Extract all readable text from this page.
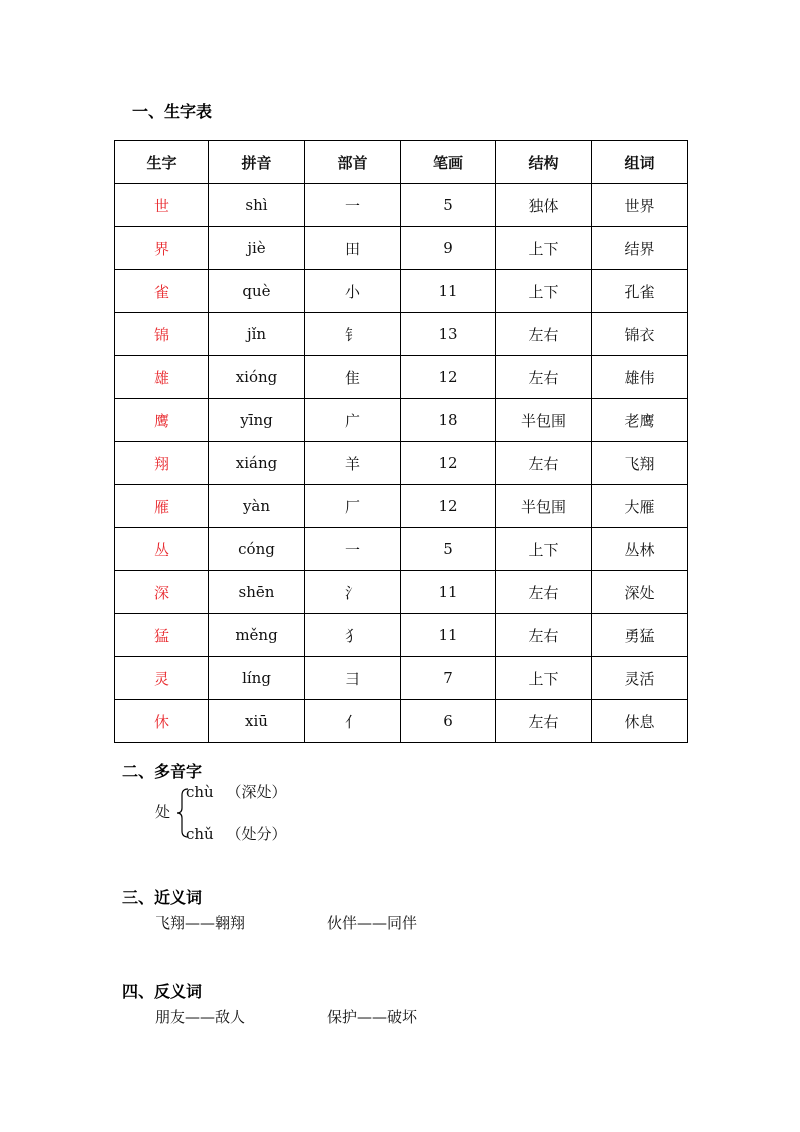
一、生字表
生字	拼音	部首	笔画	结构	组词
世	shì	一	5	独体	世界
界	jiè	田	9	上下	结界
雀	què	小	11	上下	孔雀
锦	jǐn	钅	13	左右	锦衣
雄	xióng	隹	12	左右	雄伟
鹰	yīng	广	18	半包围	老鹰
翔	xiáng	羊	12	左右	飞翔
雁	yàn	厂	12	半包围	大雁
丛	cóng	一	5	上下	丛林
深	shēn	氵	11	左右	深处
猛	měng	犭	11	左右	勇猛
灵	líng	彐	7	上下	灵活
休	xiū	亻	6	左右	休息
二、多音字
处
chù （深处）
chǔ （处分）
三、近义词
飞翔——翱翔	伙伴——同伴
四、反义词
朋友——敌人	保护——破坏
